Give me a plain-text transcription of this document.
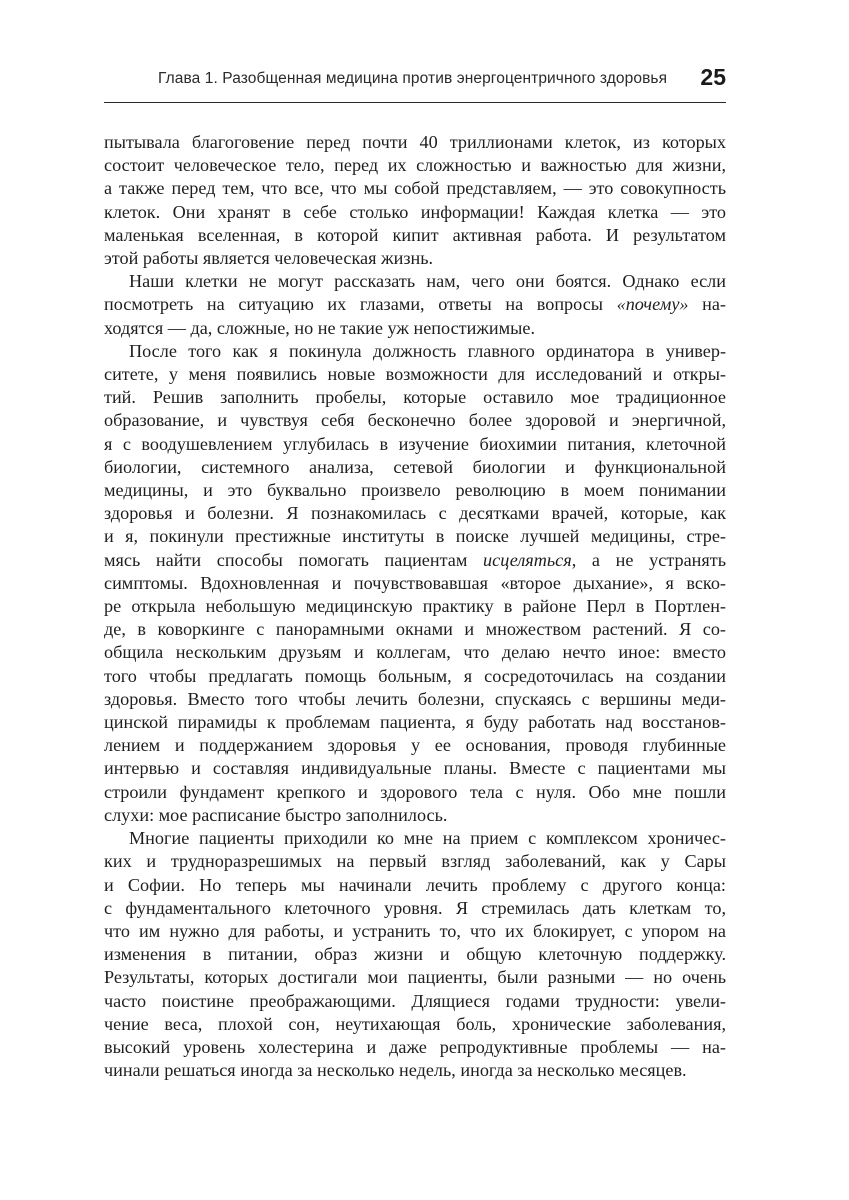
Глава 1. Разобщенная медицина против энергоцентричного здоровья 25

пытывала благоговение перед почти 40 триллионами клеток, из которых
состоит человеческое тело, перед их сложностью и важностью для жизни,
а также перед тем, что все, что мы собой представляем, — это совокупность
клеток. Они хранят в себе столько информации! Каждая клетка — это
маленькая вселенная, в которой кипит активная работа. И результатом
этой работы является человеческая жизнь.

Наши клетки не могут рассказать нам, чего они боятся. Однако если
посмотреть на ситуацию их глазами, ответы на вопросы «почему» на-
ходятся — да, сложные, но не такие уж непостижимые.

После того как я покинула должность главного ординатора в универ-
ситете, у меня появились новые возможности для исследований и откры-
тий. Решив заполнить пробелы, которые оставило мое традиционное
образование, и чувствуя себя бесконечно более здоровой и энергичной,
я с воодушевлением углубилась в изучение биохимии питания, клеточной
биологии, системного анализа, сетевой биологии и функциональной
медицины, и это буквально произвело революцию в моем понимании
здоровья и болезни. Я познакомилась с десятками врачей, которые, как
и я, покинули престижные институты в поиске лучшей медицины, стре-
мясь найти способы помогать пациентам исцеляться, а не устранять
симптомы. Вдохновленная и почувствовавшая «второе дыхание», я вско-
ре открыла небольшую медицинскую практику в районе Перл в Портлен-
де, в коворкинге с панорамными окнами и множеством растений. Я со-
общила нескольким друзьям и коллегам, что делаю нечто иное: вместо
того чтобы предлагать помощь больным, я сосредоточилась на создании
здоровья. Вместо того чтобы лечить болезни, спускаясь с вершины меди-
цинской пирамиды к проблемам пациента, я буду работать над восстанов-
лением и поддержанием здоровья у ее основания, проводя глубинные
интервью и составляя индивидуальные планы. Вместе с пациентами мы
строили фундамент крепкого и здорового тела с нуля. Обо мне пошли
слухи: мое расписание быстро заполнилось.

Многие пациенты приходили ко мне на прием с комплексом хроничес-
ких и трудноразрешимых на первый взгляд заболеваний, как у Сары
и Софии. Но теперь мы начинали лечить проблему с другого конца:
с фундаментального клеточного уровня. Я стремилась дать клеткам то,
что им нужно для работы, и устранить то, что их блокирует, с упором на
изменения в питании, образ жизни и общую клеточную поддержку.
Результаты, которых достигали мои пациенты, были разными — но очень
часто поистине преображающими. Длящиеся годами трудности: увели-
чение веса, плохой сон, неутихающая боль, хронические заболевания,
высокий уровень холестерина и даже репродуктивные проблемы — на-
чинали решаться иногда за несколько недель, иногда за несколько месяцев.
